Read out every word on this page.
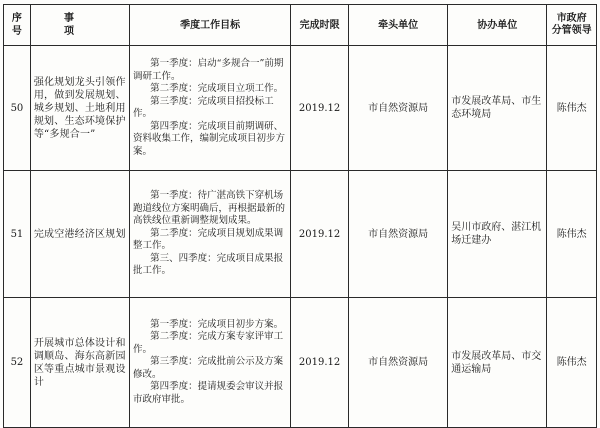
序号	事　项	季度工作目标	完成时限	牵头单位	协办单位	市政府
分管领导
50	强化规划龙头引领作用，做到发展规划、城乡规划、土地利用规划、生态环境保护等“多规合一”	第一季度：启动“多规合一”前期调研工作。
第二季度：完成项目立项工作。
第三季度：完成项目招投标工作。
第四季度：完成项目前期调研、资料收集工作，编制完成项目初步方案。	2019.12	市自然资源局	市发展改革局、市生态环境局	陈伟杰
51	完成空港经济区规划	第一季度：待广湛高铁下穿机场跑道线位方案明确后，再根据最新的高铁线位重新调整规划成果。
第二季度：完成项目规划成果调整工作。
第三、四季度：完成项目成果报批工作。	2019.12	市自然资源局	吴川市政府、湛江机场迁建办	陈伟杰
52	开展城市总体设计和调顺岛、海东高新园区等重点城市景观设计	第一季度：完成项目初步方案。
第二季度：完成方案专家评审工作。
第三季度：完成批前公示及方案修改。
第四季度：提请规委会审议并报市政府审批。	2019.12	市自然资源局	市发展改革局、市交通运输局	陈伟杰
